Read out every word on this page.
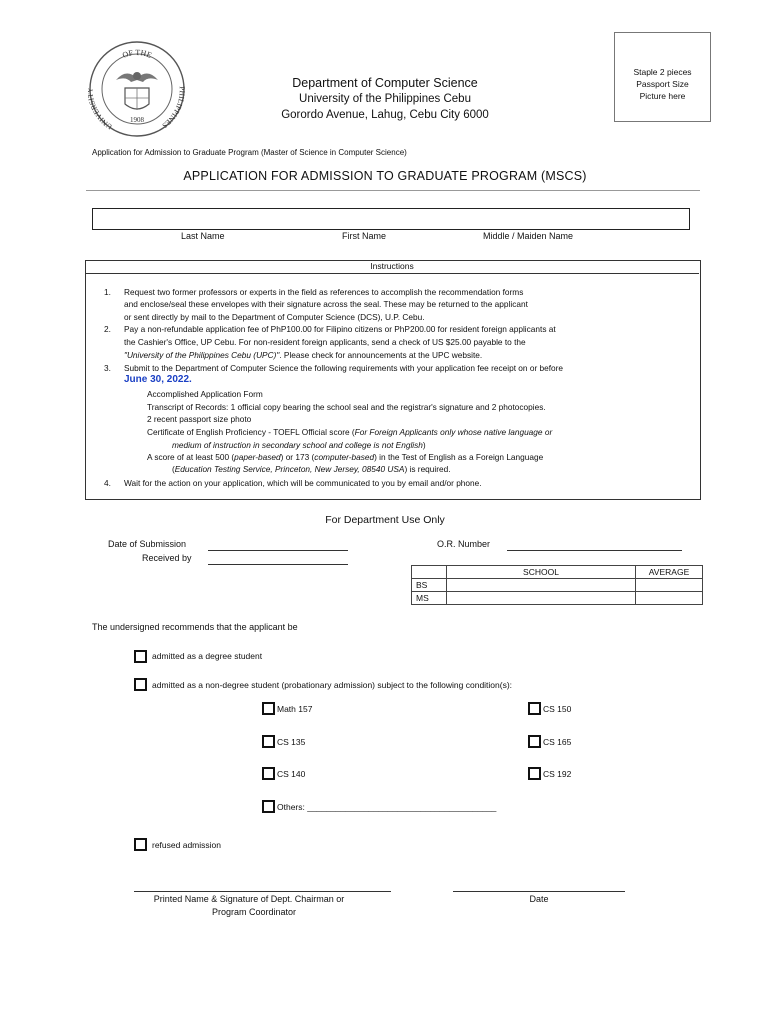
OF THE
UNIVERS
PHILIPPINES
1908
Department of Computer Science
University of the Philippines Cebu
Gorordo Avenue, Lahug, Cebu City 6000
Staple 2 pieces
Passport Size
Picture here
Application for Admission to Graduate Program (Master of Science in Computer Science)
APPLICATION FOR ADMISSION TO GRADUATE PROGRAM (MSCS)
Last Name	First Name	Middle / Maiden Name
Instructions
1. Request two former professors or experts in the field as references to accomplish the recommendation forms
and enclose/seal these envelopes with their signature across the seal. These may be returned to the applicant
or sent directly by mail to the Department of Computer Science (DCS), U.P. Cebu.
2. Pay a non-refundable application fee of PhP100.00 for Filipino citizens or PhP200.00 for resident foreign applicants at
the Cashier's Office, UP Cebu. For non-resident foreign applicants, send a check of US $25.00 payable to the
"University of the Philippines Cebu (UPC)". Please check for announcements at the UPC website.
3. Submit to the Department of Computer Science the following requirements with your application fee receipt on or before
June 30, 2022.
Accomplished Application Form
Transcript of Records: 1 official copy bearing the school seal and the registrar's signature and 2 photocopies.
2 recent passport size photo
Certificate of English Proficiency - TOEFL Official score (For Foreign Applicants only whose native language or
medium of instruction in secondary school and college is not English)
A score of at least 500 (paper-based) or 173 (computer-based) in the Test of English as a Foreign Language
(Education Testing Service, Princeton, New Jersey, 08540 USA) is required.
4. Wait for the action on your application, which will be communicated to you by email and/or phone.
For Department Use Only
Date of Submission
Received by
O.R. Number
	SCHOOL	AVERAGE
BS		
MS		
The undersigned recommends that the applicant be
admitted as a degree student
admitted as a non-degree student (probationary admission) subject to the following condition(s):
Math 157	CS 150
CS 135	CS 165
CS 140	CS 192
Others: ________________________________________
refused admission
Printed Name & Signature of Dept. Chairman or
Program Coordinator
Date
